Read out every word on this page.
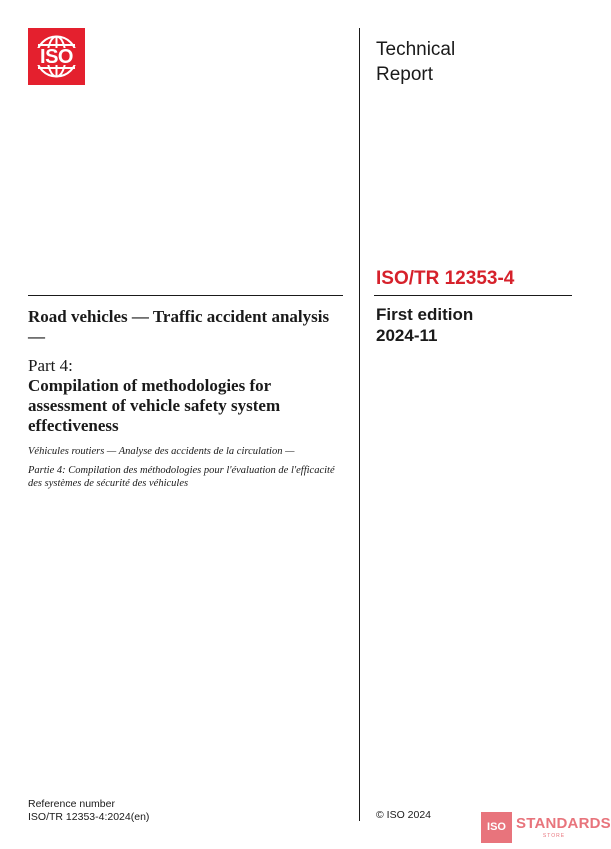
ISO	Technical
Report
ISO/TR 12353-4
First edition
2024-11

Road vehicles — Traffic accident analysis —

Part 4:

Compilation of methodologies for assessment of vehicle safety system effectiveness

Véhicules routiers — Analyse des accidents de la circulation —

Partie 4: Compilation des méthodologies pour l'évaluation de l'efficacité des systèmes de sécurité des véhicules

Reference number
ISO/TR 12353-4:2024(en)	© ISO 2024
ISO STANDARDS
STORE
